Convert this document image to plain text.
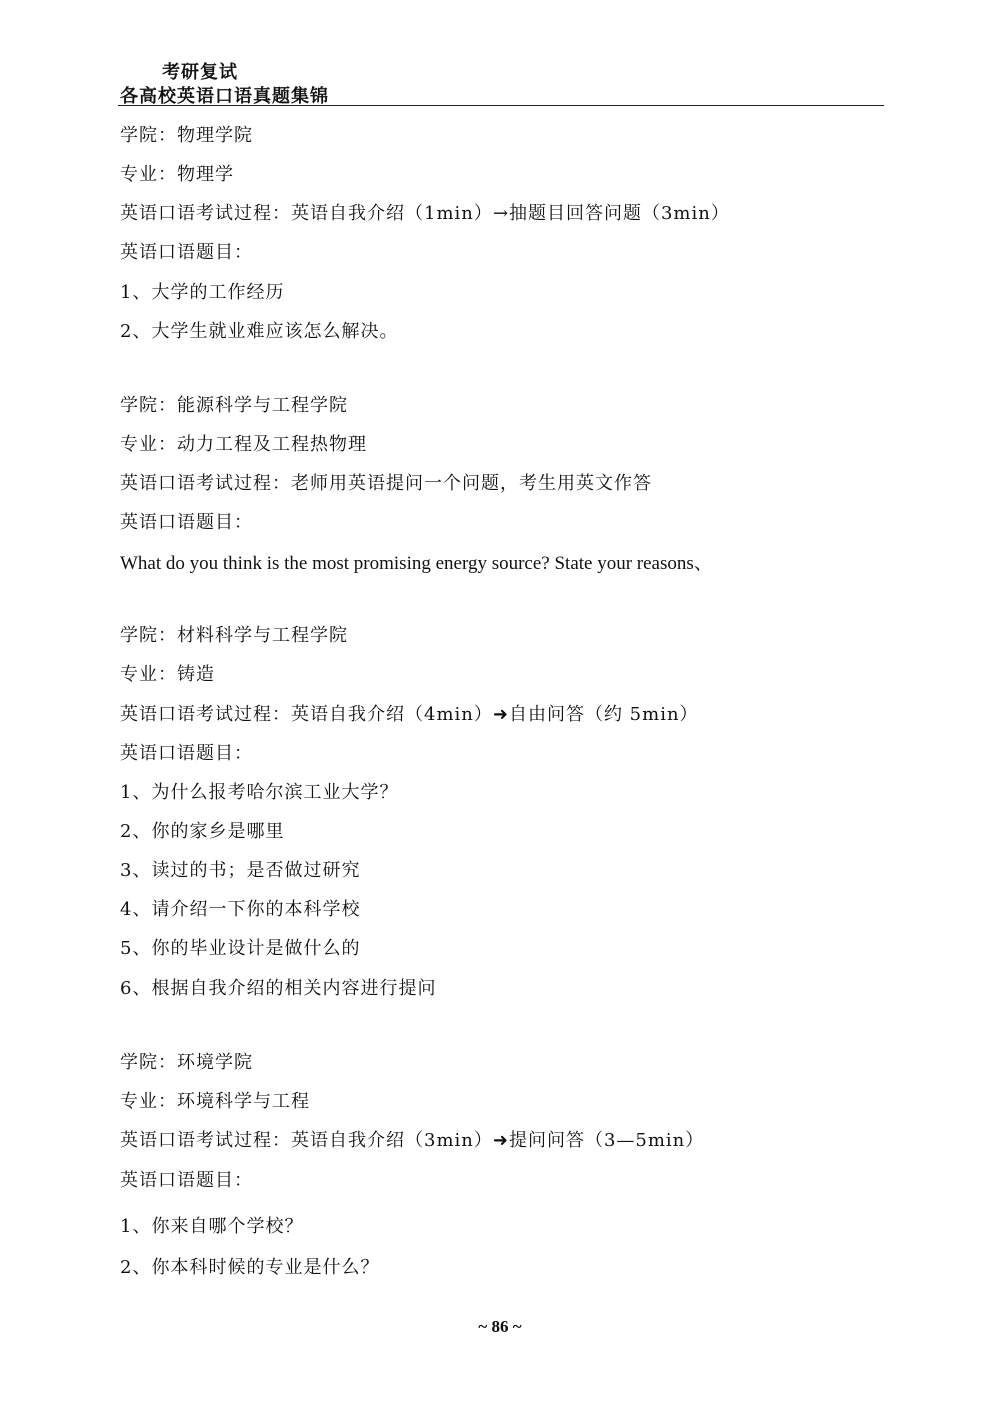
考研复试
各高校英语口语真题集锦
学院：物理学院
专业：物理学
英语口语考试过程：英语自我介绍（1min）→抽题目回答问题（3min）
英语口语题目：
1、大学的工作经历
2、大学生就业难应该怎么解决。
学院：能源科学与工程学院
专业：动力工程及工程热物理
英语口语考试过程：老师用英语提问一个问题，考生用英文作答
英语口语题目：
What do you think is the most promising energy source? State your reasons、
学院：材料科学与工程学院
专业：铸造
英语口语考试过程：英语自我介绍（4min）➜自由问答（约 5min）
英语口语题目：
1、为什么报考哈尔滨工业大学？
2、你的家乡是哪里
3、读过的书；是否做过研究
4、请介绍一下你的本科学校
5、你的毕业设计是做什么的
6、根据自我介绍的相关内容进行提问
学院：环境学院
专业：环境科学与工程
英语口语考试过程：英语自我介绍（3min）➜提问问答（3—5min）
英语口语题目：
1、你来自哪个学校？
2、你本科时候的专业是什么？
~ 86 ~
